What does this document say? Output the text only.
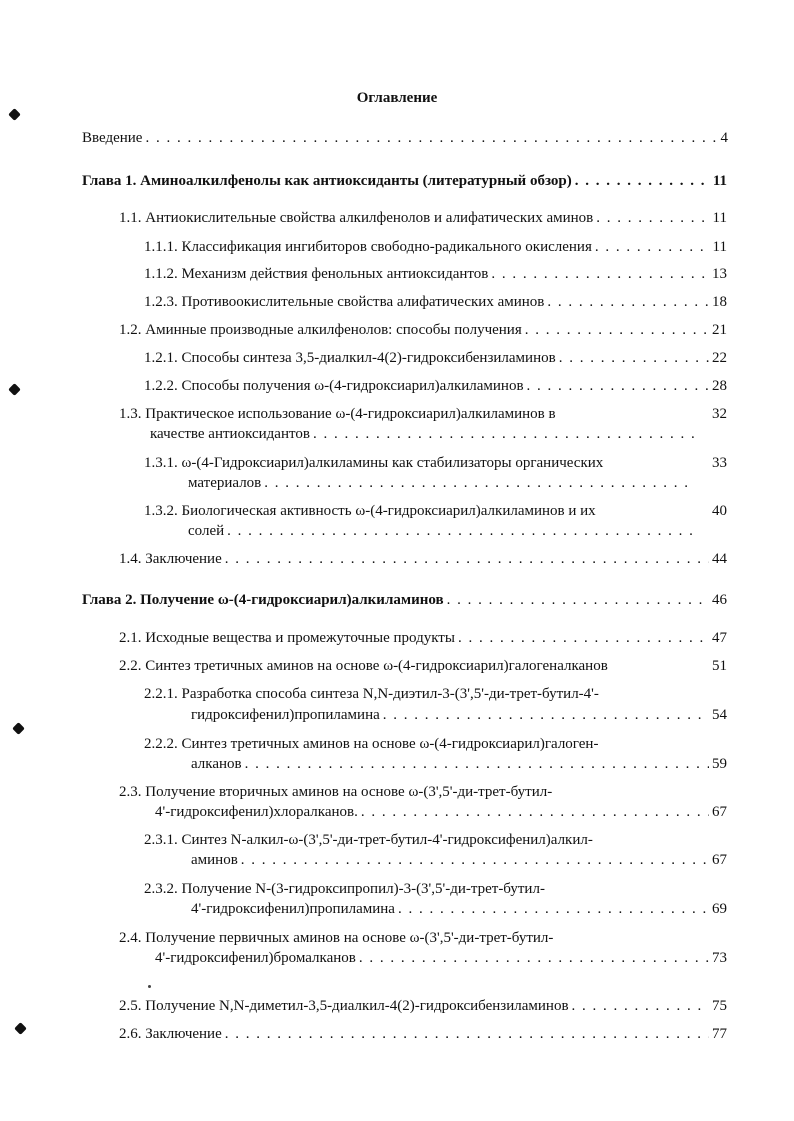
Оглавление
Введение . . .	4
Глава 1. Аминоалкилфенолы как антиоксиданты (литературный обзор) . . .	11
1.1. Антиокислительные свойства алкилфенолов и алифатических аминов . . .	11
1.1.1. Классификация ингибиторов свободно-радикального окисления . . .	11
1.1.2. Механизм действия фенольных антиоксидантов . . .	13
1.2.3. Противоокислительные свойства алифатических аминов . . .	18
1.2. Аминные производные алкилфенолов: способы получения . . .	21
1.2.1. Способы синтеза 3,5-диалкил-4(2)-гидроксибензиламинов . . .	22
1.2.2. Способы получения ω-(4-гидроксиарил)алкиламинов . . .	28
1.3. Практическое использование ω-(4-гидроксиарил)алкиламинов в	32
качестве антиоксидантов
. . .
1.3.1. ω-(4-Гидроксиарил)алкиламины как стабилизаторы органических	33
материалов
. . .
1.3.2. Биологическая активность ω-(4-гидроксиарил)алкиламинов и их	40
солей
. . .
1.4. Заключение . . .	44
Глава 2. Получение ω-(4-гидроксиарил)алкиламинов . . .	46
2.1. Исходные вещества и промежуточные продукты . . .	47
2.2. Синтез третичных аминов на основе ω-(4-гидроксиарил)галогеналканов	51
2.2.1. Разработка способа синтеза N,N-диэтил-3-(3',5'-ди-трет-бутил-4'-
гидроксифенил)пропиламина . . .	54
2.2.2. Синтез третичных аминов на основе ω-(4-гидроксиарил)галоген-
алканов . . .	59
2.3. Получение вторичных аминов на основе ω-(3',5'-ди-трет-бутил-
4'-гидроксифенил)хлоралканов. . . .	67
2.3.1. Синтез N-алкил-ω-(3',5'-ди-трет-бутил-4'-гидроксифенил)алкил-
аминов . . .	67
2.3.2. Получение N-(3-гидроксипропил)-3-(3',5'-ди-трет-бутил-
4'-гидроксифенил)пропиламина . . .	69
2.4. Получение первичных аминов на основе ω-(3',5'-ди-трет-бутил-
4'-гидроксифенил)бромалканов . . .	73
2.5. Получение N,N-диметил-3,5-диалкил-4(2)-гидроксибензиламинов . . .	75
2.6. Заключение . . .	77
